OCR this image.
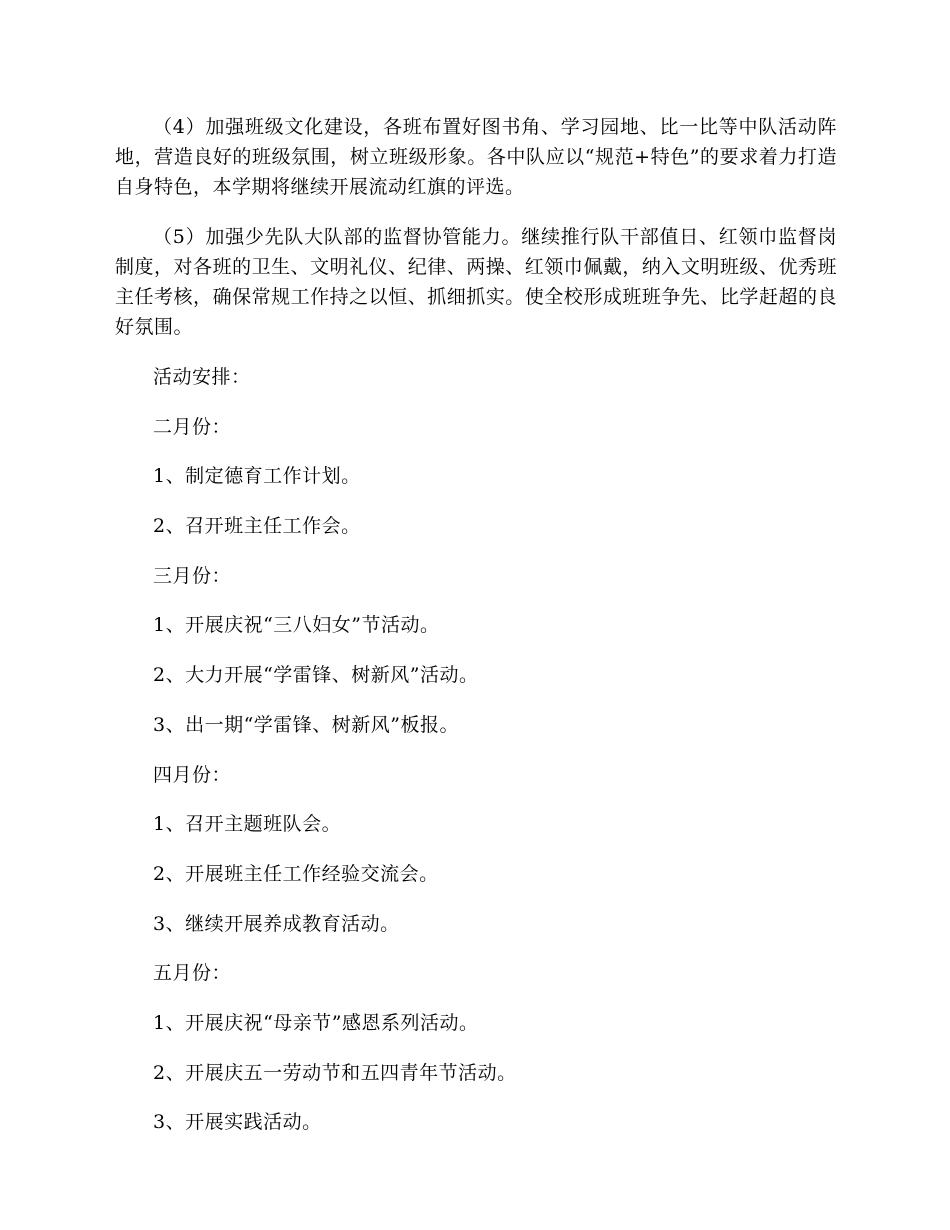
（4）加强班级文化建设，各班布置好图书角、学习园地、比一比等中队活动阵地，营造良好的班级氛围，树立班级形象。各中队应以“规范+特色”的要求着力打造自身特色，本学期将继续开展流动红旗的评选。

（5）加强少先队大队部的监督协管能力。继续推行队干部值日、红领巾监督岗制度，对各班的卫生、文明礼仪、纪律、两操、红领巾佩戴，纳入文明班级、优秀班主任考核，确保常规工作持之以恒、抓细抓实。使全校形成班班争先、比学赶超的良好氛围。

活动安排：

二月份：

1、制定德育工作计划。

2、召开班主任工作会。

三月份：

1、开展庆祝“三八妇女”节活动。

2、大力开展“学雷锋、树新风”活动。

3、出一期“学雷锋、树新风”板报。

四月份：

1、召开主题班队会。

2、开展班主任工作经验交流会。

3、继续开展养成教育活动。

五月份：

1、开展庆祝“母亲节”感恩系列活动。

2、开展庆五一劳动节和五四青年节活动。

3、开展实践活动。
